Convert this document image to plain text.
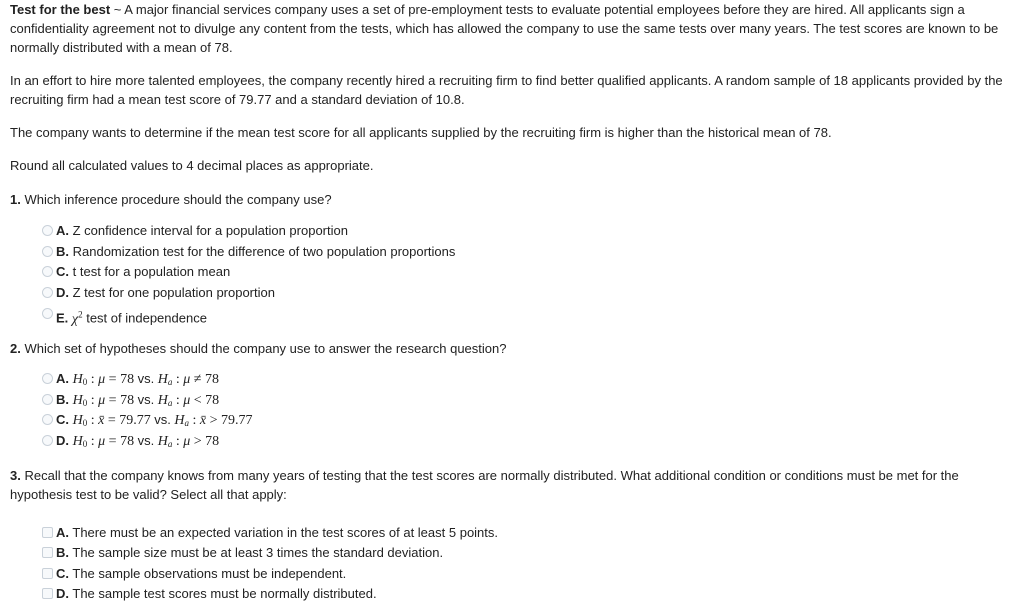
Test for the best ~ A major financial services company uses a set of pre-employment tests to evaluate potential employees before they are hired. All applicants sign a confidentiality agreement not to divulge any content from the tests, which has allowed the company to use the same tests over many years. The test scores are known to be normally distributed with a mean of 78.

In an effort to hire more talented employees, the company recently hired a recruiting firm to find better qualified applicants. A random sample of 18 applicants provided by the recruiting firm had a mean test score of 79.77 and a standard deviation of 10.8.

The company wants to determine if the mean test score for all applicants supplied by the recruiting firm is higher than the historical mean of 78.

Round all calculated values to 4 decimal places as appropriate.

1. Which inference procedure should the company use?

A. Z confidence interval for a population proportion
B. Randomization test for the difference of two population proportions
C. t test for a population mean
D. Z test for one population proportion
E. $\chi^2$ test of independence

2. Which set of hypotheses should the company use to answer the research question?

A. $H_0$ : μ = 78 vs. $H_a$ : μ ≠ 78
B. $H_0$ : μ = 78 vs. $H_a$ : μ < 78
C. $H_0$ : x̄ = 79.77 vs. $H_a$ : x̄ > 79.77
D. $H_0$ : μ = 78 vs. $H_a$ : μ > 78

3. Recall that the company knows from many years of testing that the test scores are normally distributed. What additional condition or conditions must be met for the hypothesis test to be valid? Select all that apply:

A. There must be an expected variation in the test scores of at least 5 points.
B. The sample size must be at least 3 times the standard deviation.
C. The sample observations must be independent.
D. The sample test scores must be normally distributed.
